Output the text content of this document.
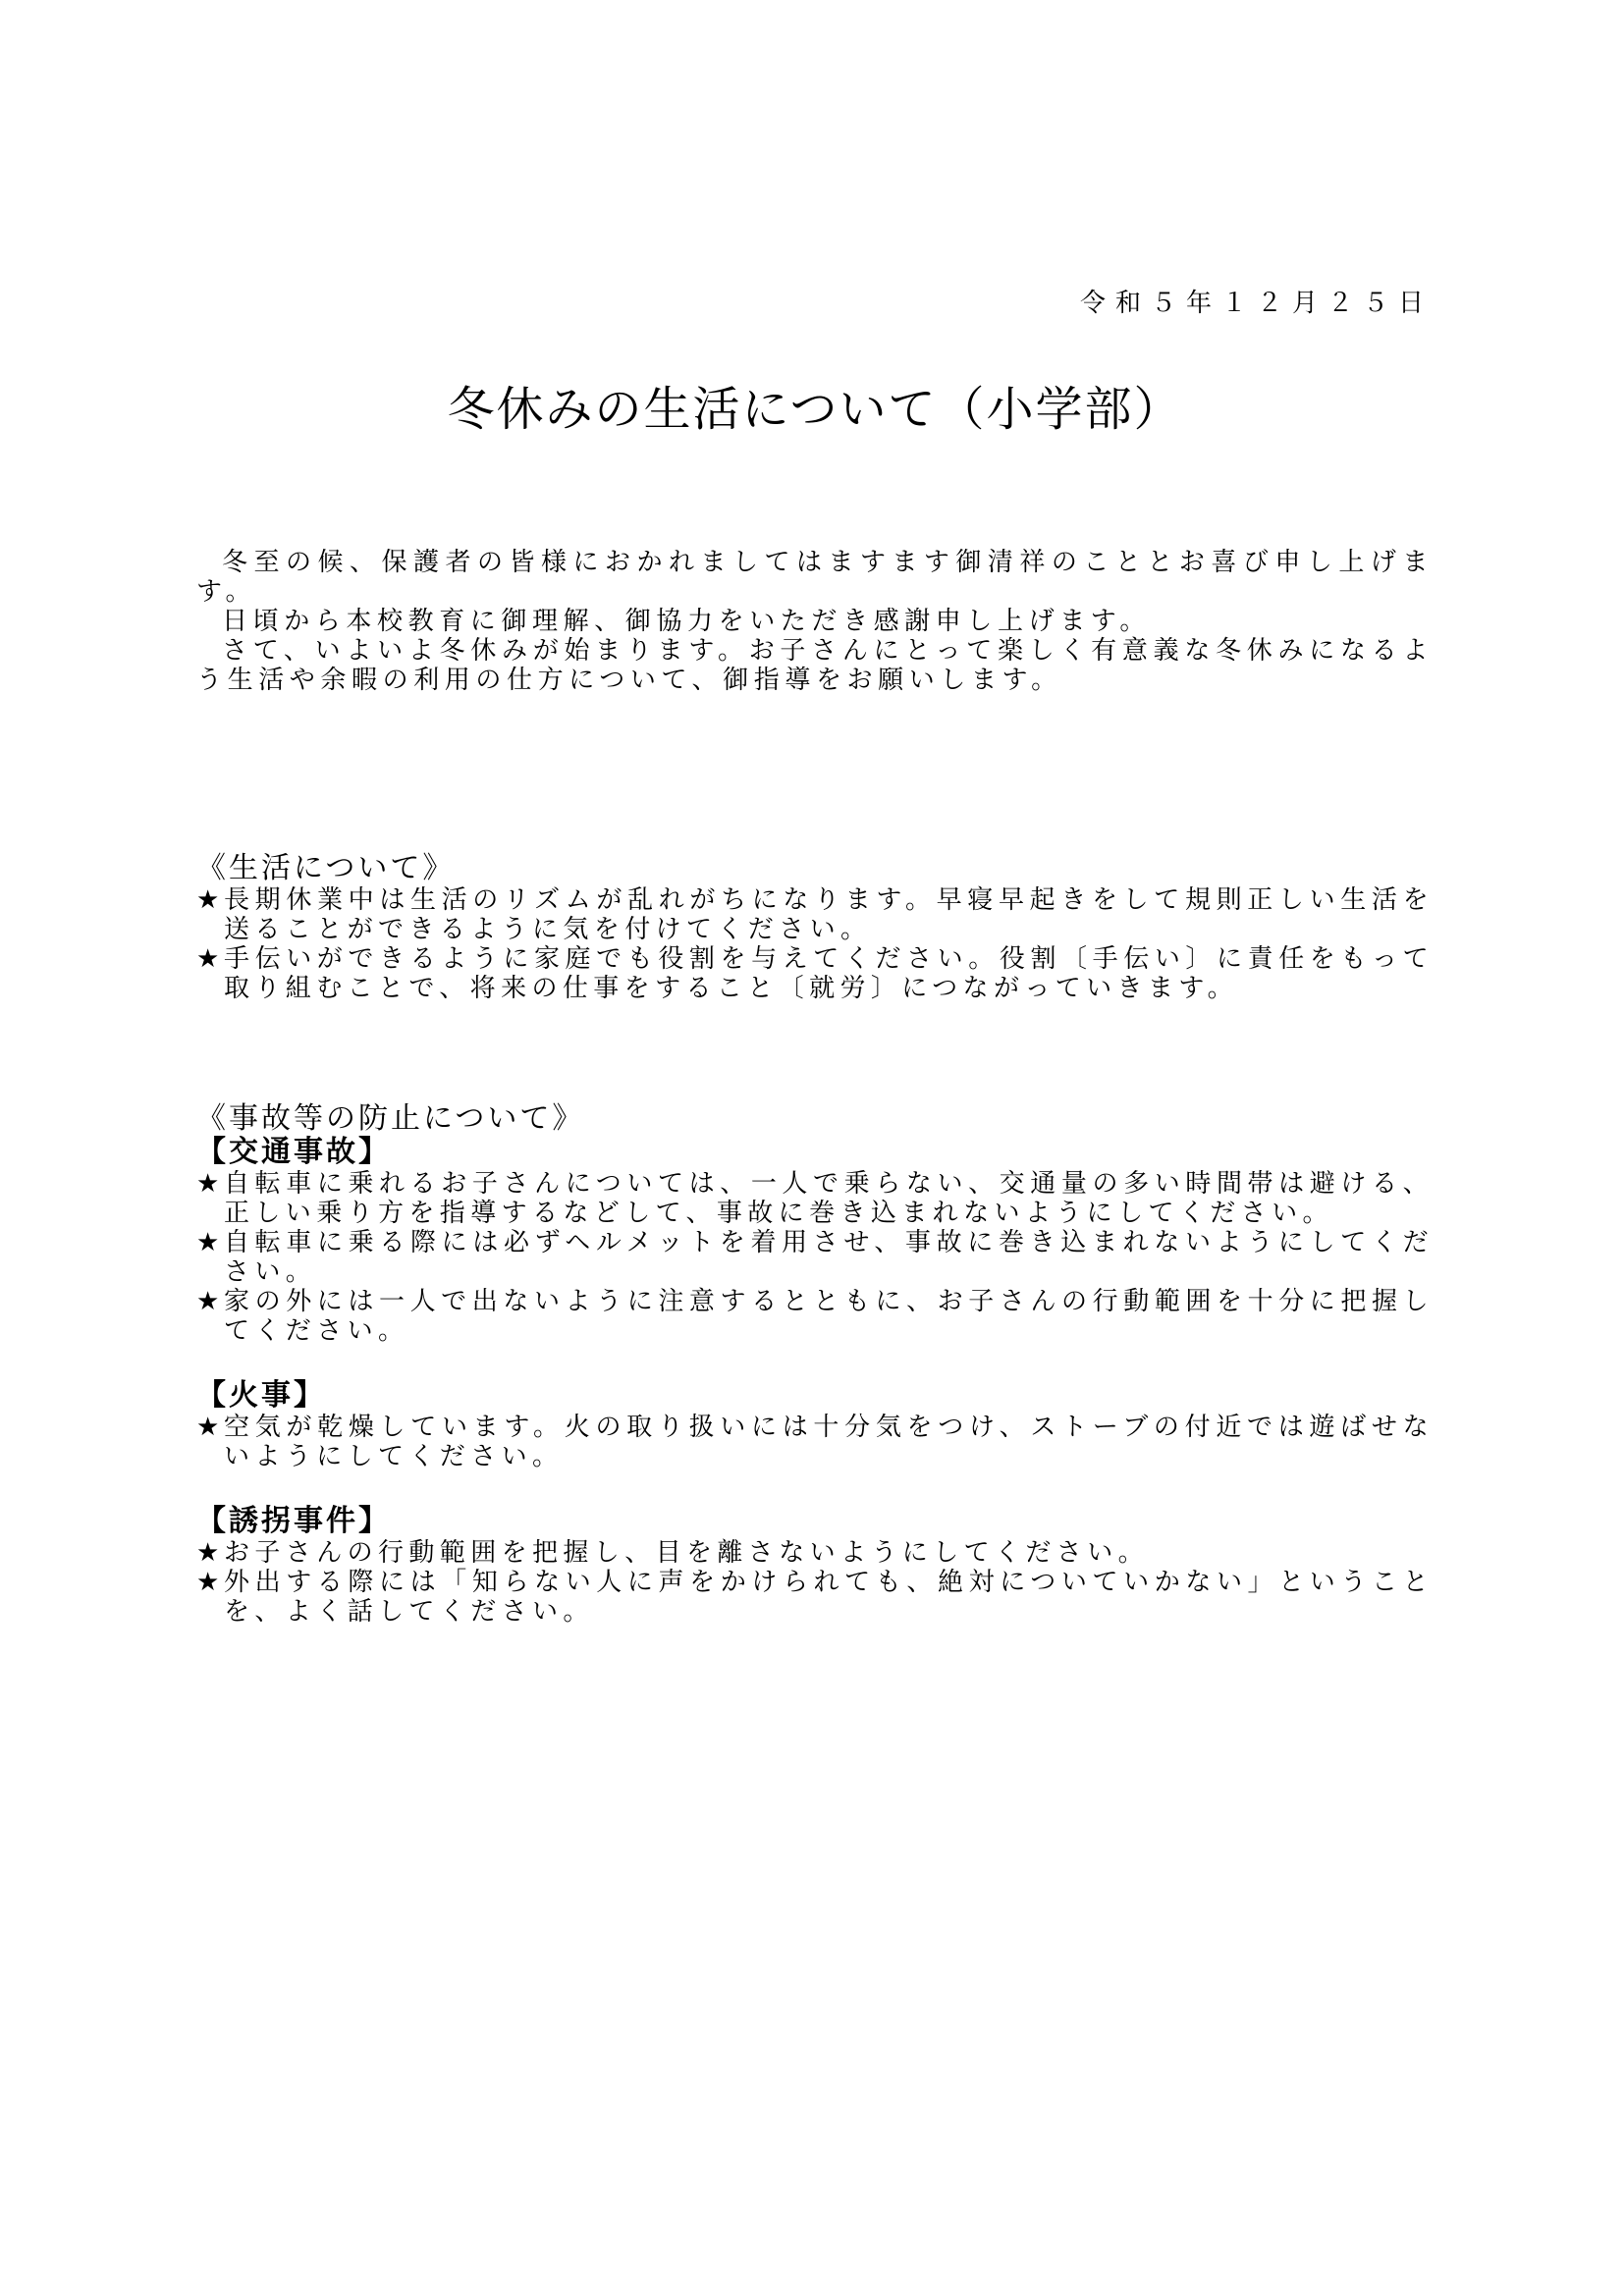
令和５年１２月２５日
冬休みの生活について（小学部）

冬至の候、保護者の皆様におかれましてはますます御清祥のこととお喜び申し上げます。

日頃から本校教育に御理解、御協力をいただき感謝申し上げます。

さて、いよいよ冬休みが始まります。お子さんにとって楽しく有意義な冬休みになるよう生活や余暇の利用の仕方について、御指導をお願いします。

《生活について》
★ 長期休業中は生活のリズムが乱れがちになります。早寝早起きをして規則正しい生活を送ることができるように気を付けてください。
★ 手伝いができるように家庭でも役割を与えてください。役割〔手伝い〕に責任をもって取り組むことで、将来の仕事をすること〔就労〕につながっていきます。
《事故等の防止について》
【交通事故】
★ 自転車に乗れるお子さんについては、一人で乗らない、交通量の多い時間帯は避ける、正しい乗り方を指導するなどして、事故に巻き込まれないようにしてください。
★ 自転車に乗る際には必ずヘルメットを着用させ、事故に巻き込まれないようにしてください。
★ 家の外には一人で出ないように注意するとともに、お子さんの行動範囲を十分に把握してください。
【火事】
★ 空気が乾燥しています。火の取り扱いには十分気をつけ、ストーブの付近では遊ばせないようにしてください。
【誘拐事件】
★ お子さんの行動範囲を把握し、目を離さないようにしてください。
★ 外出する際には「知らない人に声をかけられても、絶対についていかない」ということを、よく話してください。
